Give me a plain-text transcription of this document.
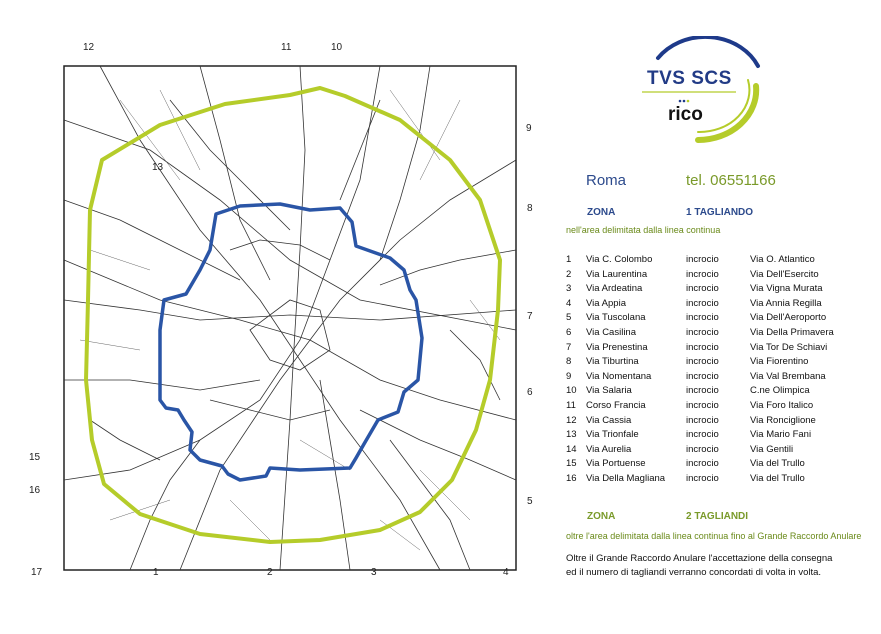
12	11	10
13
9
8
7
6
5
15
16
17	1	2	3	4
TVS SCS
rico
Roma	tel. 06551166
ZONA	1 TAGLIANDO
nell'area delimitata dalla linea continua
1 Via C. Colombo	incrocio	Via O. Atlantico
2 Via Laurentina	incrocio	Via Dell'Esercito
3 Via Ardeatina	incrocio	Via Vigna Murata
4 Via Appia	incrocio	Via Annia Regilla
5 Via Tuscolana	incrocio	Via Dell'Aeroporto
6 Via Casilina	incrocio	Via Della Primavera
7 Via Prenestina	incrocio	Via Tor De Schiavi
8 Via Tiburtina	incrocio	Via Fiorentino
9 Via Nomentana	incrocio	Via Val Brembana
10 Via Salaria	incrocio	C.ne Olimpica
11 Corso Francia	incrocio	Via Foro Italico
12 Via Cassia	incrocio	Via Ronciglione
13 Via Trionfale	incrocio	Via Mario Fani
14 Via Aurelia	incrocio	Via Gentili
15 Via Portuense	incrocio	Via del Trullo
16 Via Della Magliana incrocio	Via del Trullo
ZONA	2 TAGLIANDI
oltre l'area delimitata dalla linea continua fino al Grande Raccordo Anulare
Oltre il Grande Raccordo Anulare l'accettazione della consegna
ed il numero di tagliandi verranno concordati di volta in volta.
